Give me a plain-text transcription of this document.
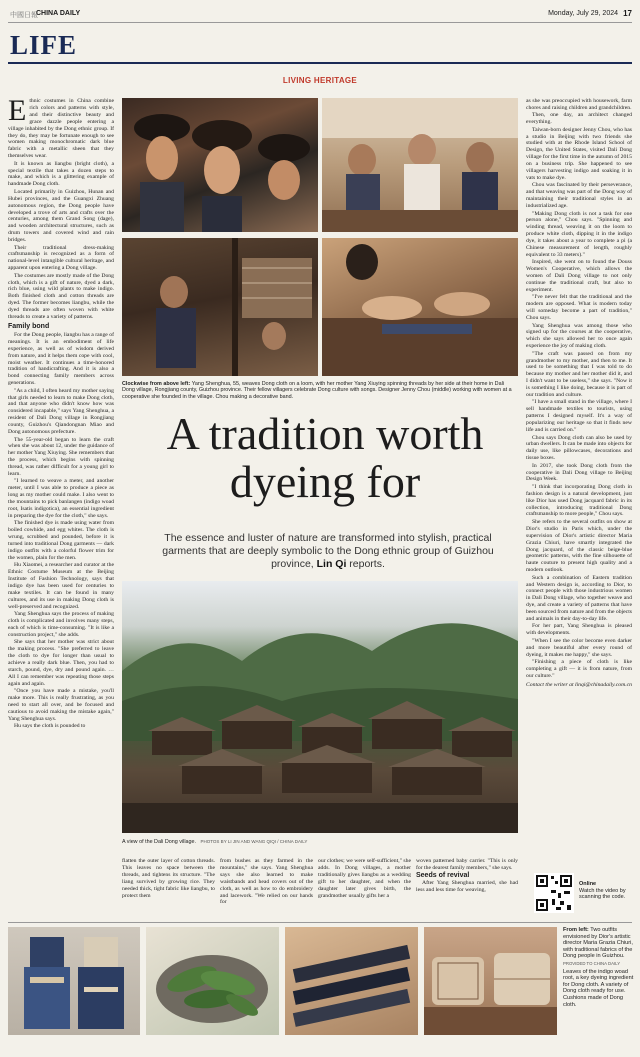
中國日報
CHINA DAILY	Monday, July 29, 2024 17
LIFE
LIVING HERITAGE

Ethnic costumes in China combine rich colors and patterns with style, and their distinctive beauty and grace dazzle people entering a village inhabited by the Dong ethnic group. If they do, they may be fortunate enough to see women making monochromatic dark blue fabric with a metallic sheen that they themselves wear.

It is known as liangbu (bright cloth), a special textile that takes a dozen steps to make, and which is a glittering example of handmade Dong cloth.

Located primarily in Guizhou, Hunan and Hubei provinces, and the Guangxi Zhuang autonomous region, the Dong people have developed a trove of arts and crafts over the centuries, among them Grand Song (dage), and wooden architectural structures, such as drum towers and covered wind and rain bridges.

Their traditional dress-making craftsmanship is recognized as a form of national-level intangible cultural heritage, and apparent upon entering a Dong village.

The costumes are mostly made of the Dong cloth, which is a gift of nature, dyed a dark, rich blue, using wild plants to make indigo. Both finished cloth and cotton threads are dyed. The former becomes liangbu, while the dyed threads are often woven with white threads to create a variety of patterns.

Family bond

For the Dong people, liangbu has a range of meanings. It is an embodiment of life experience, as well as of wisdom derived from nature, and it helps them cope with cool, moist weather. It continues a time-honored tradition of handicrafting. And it is also a bond connecting family members across generations.

"As a child, I often heard my mother saying that girls needed to learn to make Dong cloth, and that anyone who didn't know how was considered incapable," says Yang Shenghua, a resident of Dali Dong village in Rongjiang county, Guizhou's Qiandongnan Miao and Dong autonomous prefecture.

The 55-year-old began to learn the craft when she was about 12, under the guidance of her mother Yang Xiuying. She remembers that the process, which begins with spinning thread, was rather difficult for a young girl to learn.

"I learned to weave a meter, and another meter, until I was able to produce a piece as long as my mother could make. I also went to the mountains to pick banlangen (indigo woad root, Isatis indigotica), an essential ingredient in preparing the dye for the cloth," she says.

The finished dye is made using water from boiled cowhide, and egg whites. The cloth is wrung, scrubbed and pounded, before it is turned into traditional Dong garments — dark indigo outfits with a colorful flower trim for the women, plain for the men.

Hu Xiaomei, a researcher and curator at the Ethnic Costume Museum at the Beijing Institute of Fashion Technology, says that indigo dye has been used for centuries to make textiles. It can be found in many cultures, and its use in making Dong cloth is well-preserved and recognized.

Yang Shenghua says the process of making cloth is complicated and involves many steps, each of which is time-consuming. "It is like a construction project," she adds.

She says that her mother was strict about the making process. "She preferred to leave the cloth to dye for longer than usual to achieve a really dark blue. Then, you had to starch, pound, dye, dry and pound again. … All I can remember was repeating those steps again and again.

"Once you have made a mistake, you'll make more. This is really frustrating, as you need to start all over, and be focused and cautious to avoid making the mistake again," Yang Shenghua says.

Hu says the cloth is pounded to

Clockwise from above left: Yang Shenghua, 55, weaves Dong cloth on a loom, with her mother Yang Xiuying spinning threads by her side at their home in Dali Dong village, Rongjiang county, Guizhou province. Their fellow villagers celebrate Dong culture with songs. Designer Jenny Chou (middle) working with women at a cooperative she founded in the village. Chou making a decorative band.
A tradition worth
dyeing for
The essence and luster of nature are transformed into stylish, practical garments that are deeply symbolic to the Dong ethnic group of Guizhou province, Lin Qi reports.
A view of the Dali Dong village. PHOTOS BY LI JIN AND WANG QIQI / CHINA DAILY

flatten the outer layer of cotton threads. This leaves no space between the threads, and tightens its structure. "The liang survived by growing rice. They needed thick, tight fabric like liangbu, to protect them

from bushes as they farmed in the mountains," she says. Yang Shenghua says she also learned to make waistbands and head covers out of the cloth, as well as how to do embroidery and lacework. "We relied on our hands for

our clothes; we were self-sufficient," she adds. In Dong villages, a mother traditionally gives liangbu as a wedding gift to her daughter, and when the daughter later gives birth, the grandmother usually gifts her a

woven patterned baby carrier. "This is only for the dearest family members," she says.

Seeds of revival

After Yang Shenghua married, she had less and less time for weaving,

as she was preoccupied with housework, farm chores and raising children and grandchildren.

Then, one day, an architect changed everything.

Taiwan-born designer Jenny Chou, who has a studio in Beijing with two friends she studied with at the Rhode Island School of Design, the United States, visited Dali Dong village for the first time in the autumn of 2015 on a business trip. She happened to see villagers harvesting indigo and soaking it in vats to make dye.

Chou was fascinated by their perseverance, and that weaving was part of the Dong way of maintaining their traditional styles in an industrialized age.

"Making Dong cloth is not a task for one person alone," Chou says. "Spinning and winding thread, weaving it on the loom to produce white cloth, dipping it in the indigo dye, it takes about a year to complete a pi (a Chinese measurement of length, roughly equivalent to 33 meters)."

Inspired, she went on to found the Douss Women's Cooperative, which allows the women of Dali Dong village to not only continue the traditional craft, but also to experiment.

"I've never felt that the traditional and the modern are opposed. What is modern today will someday become a part of tradition," Chou says.

Yang Shenghua was among those who signed up for the courses at the cooperative, which she says allowed her to once again experience the joy of making cloth.

"The craft was passed on from my grandmother to my mother, and then to me. It used to be something that I was told to do because my mother and her mother did it, and I didn't want to be useless," she says. "Now it is something I like doing, because it is part of our tradition and culture.

"I have a small stand in the village, where I sell handmade textiles to tourists, using patterns I designed myself. It's a way of popularizing our heritage so that it finds new life and is carried on."

Chou says Dong cloth can also be used by urban dwellers. It can be made into objects for daily use, like pillowcases, decorations and tissue boxes.

In 2017, she took Dong cloth from the cooperative in Dali Dong village to Beijing Design Week.

"I think that incorporating Dong cloth in fashion design is a natural development, just like Dior has used Dong jacquard fabric in its collection, introducing traditional Dong craftsmanship to more people," Chou says.

She refers to the several outfits on show at Dior's studio in Paris which, under the supervision of Dior's artistic director Maria Grazia Chiuri, have smartly integrated the Dong jacquard, of the classic beige-blue geometric patterns, with the fine silhouette of haute couture to present high quality and a modern outlook.

Such a combination of Eastern tradition and Western design is, according to Dior, to connect people with those industrious women in Dali Dong village, who together weave and dye, and create a variety of patterns that have been sourced from nature and from the objects and animals in their day-to-day life.

For her part, Yang Shenghua is pleased with developments.

"When I see the color become even darker and more beautiful after every round of dyeing, it makes me happy," she says.

"Finishing a piece of cloth is like completing a gift — it is from nature, from our culture."

Contact the writer at linqi@chinadaily.com.cn

Online
Watch the video by scanning the code.
From left: Two outfits envisioned by Dior's artistic director Maria Grazia Chiuri, with traditional fabrics of the Dong people in Guizhou.
PROVIDED TO CHINA DAILY
Leaves of the indigo woad root, a key dyeing ingredient for Dong cloth. A variety of Dong cloth ready for use. Cushions made of Dong cloth.
